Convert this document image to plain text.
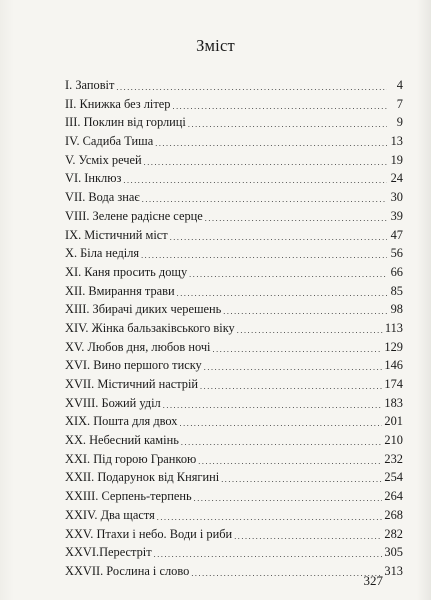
Зміст
I. Заповіт .....	4
II. Книжка без літер .....	7
III. Поклин від горлиці .....	9
IV. Садиба Тиша .....	13
V. Усміх речей .....	19
VI. Інклюз .....	24
VII. Вода знає .....	30
VIII. Зелене радісне серце .....	39
IX. Містичний міст .....	47
X. Біла неділя .....	56
XI. Каня просить дощу .....	66
XII. Вмирання трави .....	85
XIII. Збирачі диких черешень .....	98
XIV. Жінка бальзаківського віку .....	113
XV. Любов дня, любов ночі .....	129
XVI. Вино першого тиску .....	146
XVII. Містичний настрій .....	174
XVIII. Божий уділ .....	183
XIX. Пошта для двох .....	201
XX. Небесний камінь .....	210
XXI. Під горою Гранкою .....	232
XXII. Подарунок від Княгині .....	254
XXIII. Серпень-терпень .....	264
XXIV. Два щастя .....	268
XXV. Птахи і небо. Води і риби .....	282
XXVI.Перестріт .....	305
XXVII. Рослина і слово .....	313
327
